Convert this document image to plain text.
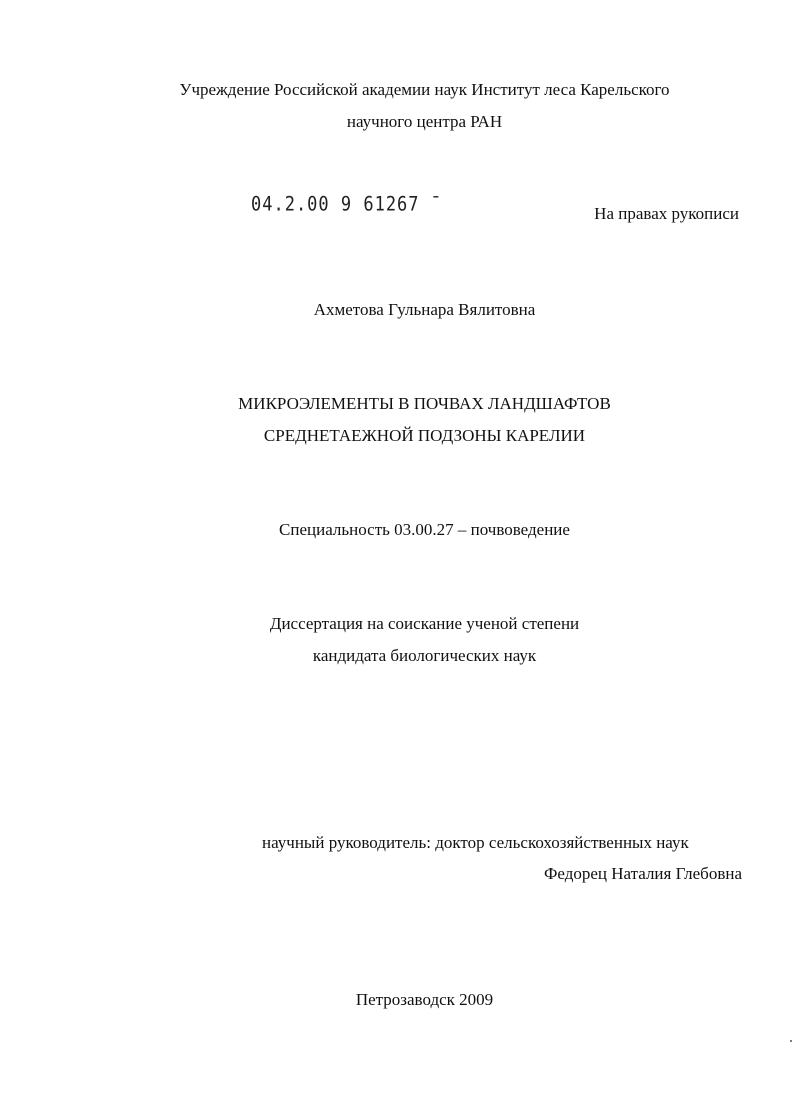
Учреждение Российской академии наук Институт леса Карельского
научного центра РАН
04.2.00 9 61267 ˉ	На правах рукописи
Ахметова Гульнара Вялитовна
МИКРОЭЛЕМЕНТЫ В ПОЧВАХ ЛАНДШАФТОВ
СРЕДНЕТАЕЖНОЙ ПОДЗОНЫ КАРЕЛИИ
Специальность 03.00.27 – почвоведение
Диссертация на соискание ученой степени
кандидата биологических наук
научный руководитель: доктор сельскохозяйственных наук
Федорец Наталия Глебовна
Петрозаводск 2009
